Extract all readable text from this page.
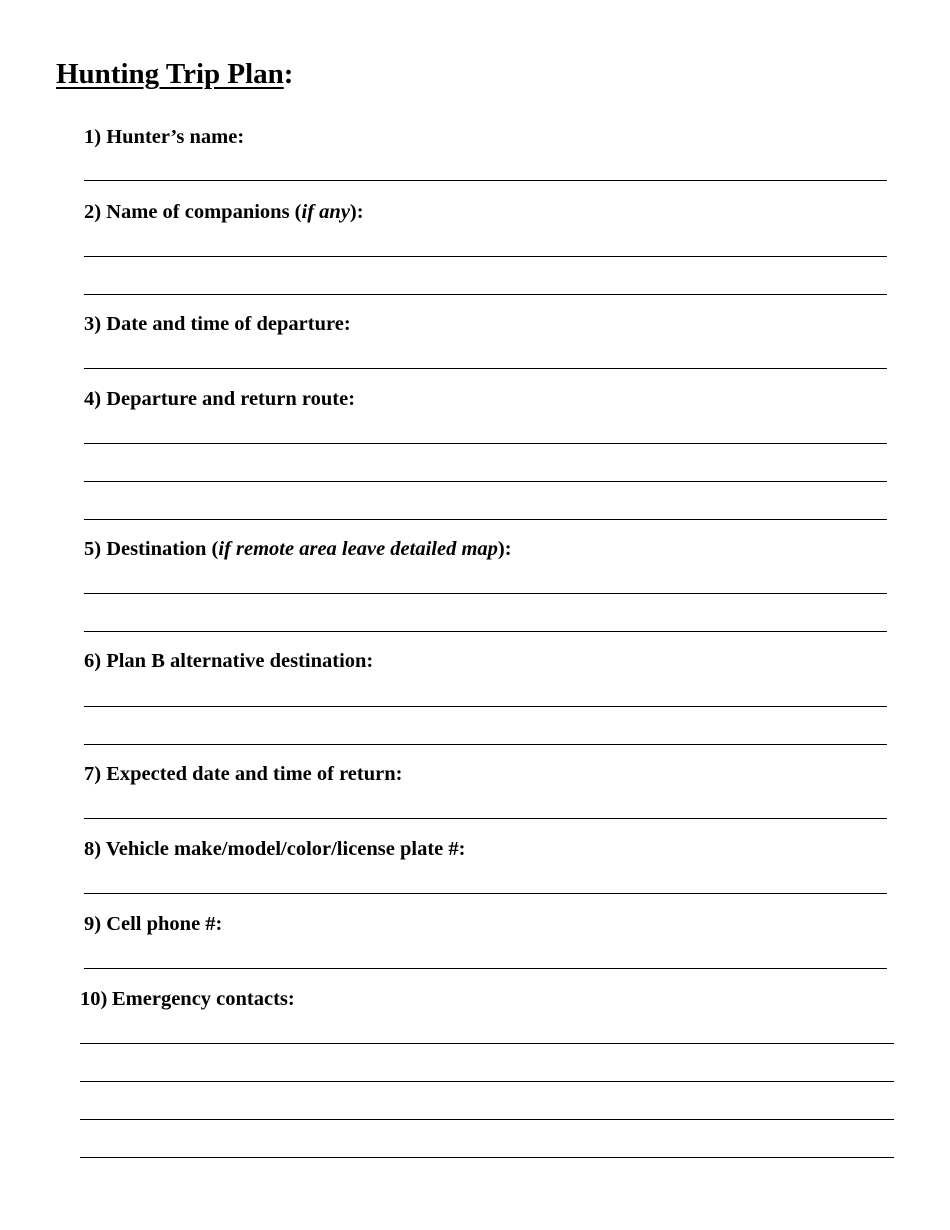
Hunting Trip Plan:
1) Hunter’s name:
2) Name of companions (if any):
3) Date and time of departure:
4) Departure and return route:
5) Destination (if remote area leave detailed map):
6) Plan B alternative destination:
7) Expected date and time of return:
8) Vehicle make/model/color/license plate #:
9) Cell phone #:
10) Emergency contacts:
